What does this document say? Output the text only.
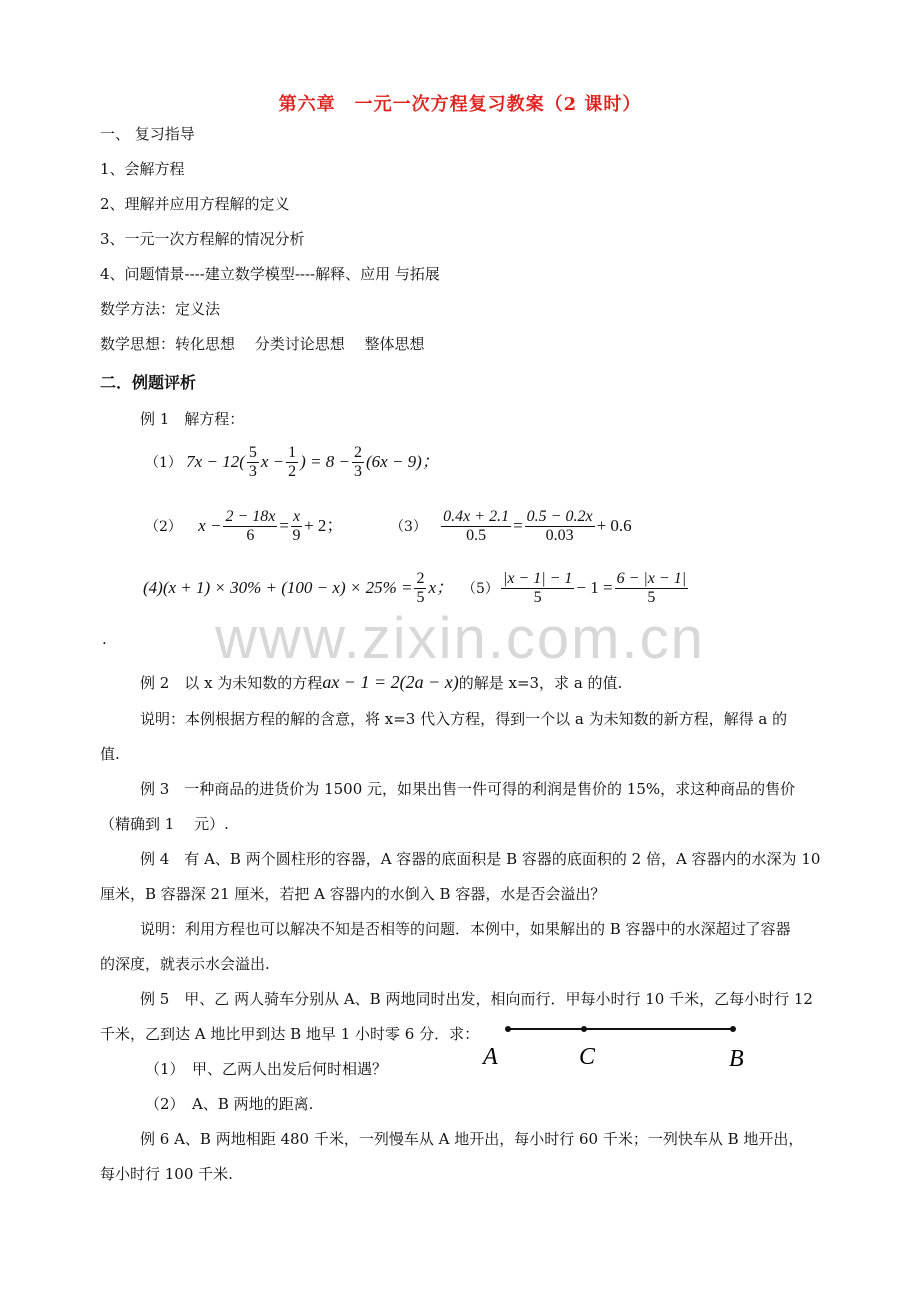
第六章　一元一次方程复习教案（2 课时）
www.zixin.com.cn
一、 复习指导
1、会解方程
2、理解并应用方程解的定义
3、一元一次方程解的情况分析
4、问题情景----建立数学模型----解释、应用 与拓展
数学方法：定义法
数学思想：转化思想　 分类讨论思想　 整体思想
二．例题评析
例 1　解方程：
（1） $7x - 12( \frac{5}{3}$ $x - \frac{1}{2}$ ) = $8 - \frac{2}{3} (6x - 9)$；
（2） $x - \frac{2 - 18x}{6} = \frac{x}{9} + 2$；	$(3) \frac{0.4x + 2.1}{0.5} = \frac{0.5 - 0.2x}{0.03} + 0.6$
$(4)(x + 1) \times 30\% + (100 - x) \times 25\% = \frac{2}{5}$ x； $(5) \frac{|x - 1| - 1}{5} - 1 = \frac{6 - |x - 1|}{5}$
.
例 2　以 x 为未知数的方程ax − 1 = 2(2a − x)的解是 x=3，求 a 的值.
说明：本例根据方程的解的含意，将 x=3 代入方程，得到一个以 a 为未知数的新方程，解得 a 的
值.
例 3　一种商品的进货价为 1500 元，如果出售一件可得的利润是售价的 15%，求这种商品的售价
（精确到 1　 元）.
例 4　有 A、B 两个圆柱形的容器，A 容器的底面积是 B 容器的底面积的 2 倍，A 容器内的水深为 10
厘米，B 容器深 21 厘米，若把 A 容器内的水倒入 B 容器，水是否会溢出？
说明：利用方程也可以解决不知是否相等的问题．本例中，如果解出的 B 容器中的水深超过了容器
的深度，就表示水会溢出.
例 5　甲、乙 两人骑车分别从 A、B 两地同时出发，相向而行．甲每小时行 10 千米，乙每小时行 12
千米，乙到达 A 地比甲到达 B 地早 1 小时零 6 分．求：
（1）　甲、乙两人出发后何时相遇？
（2）　A、B 两地的距离.
A	C	B
例 6 A、B 两地相距 480 千米，一列慢车从 A 地开出，每小时行 60 千米；一列快车从 B 地开出，
每小时行 100 千米.
